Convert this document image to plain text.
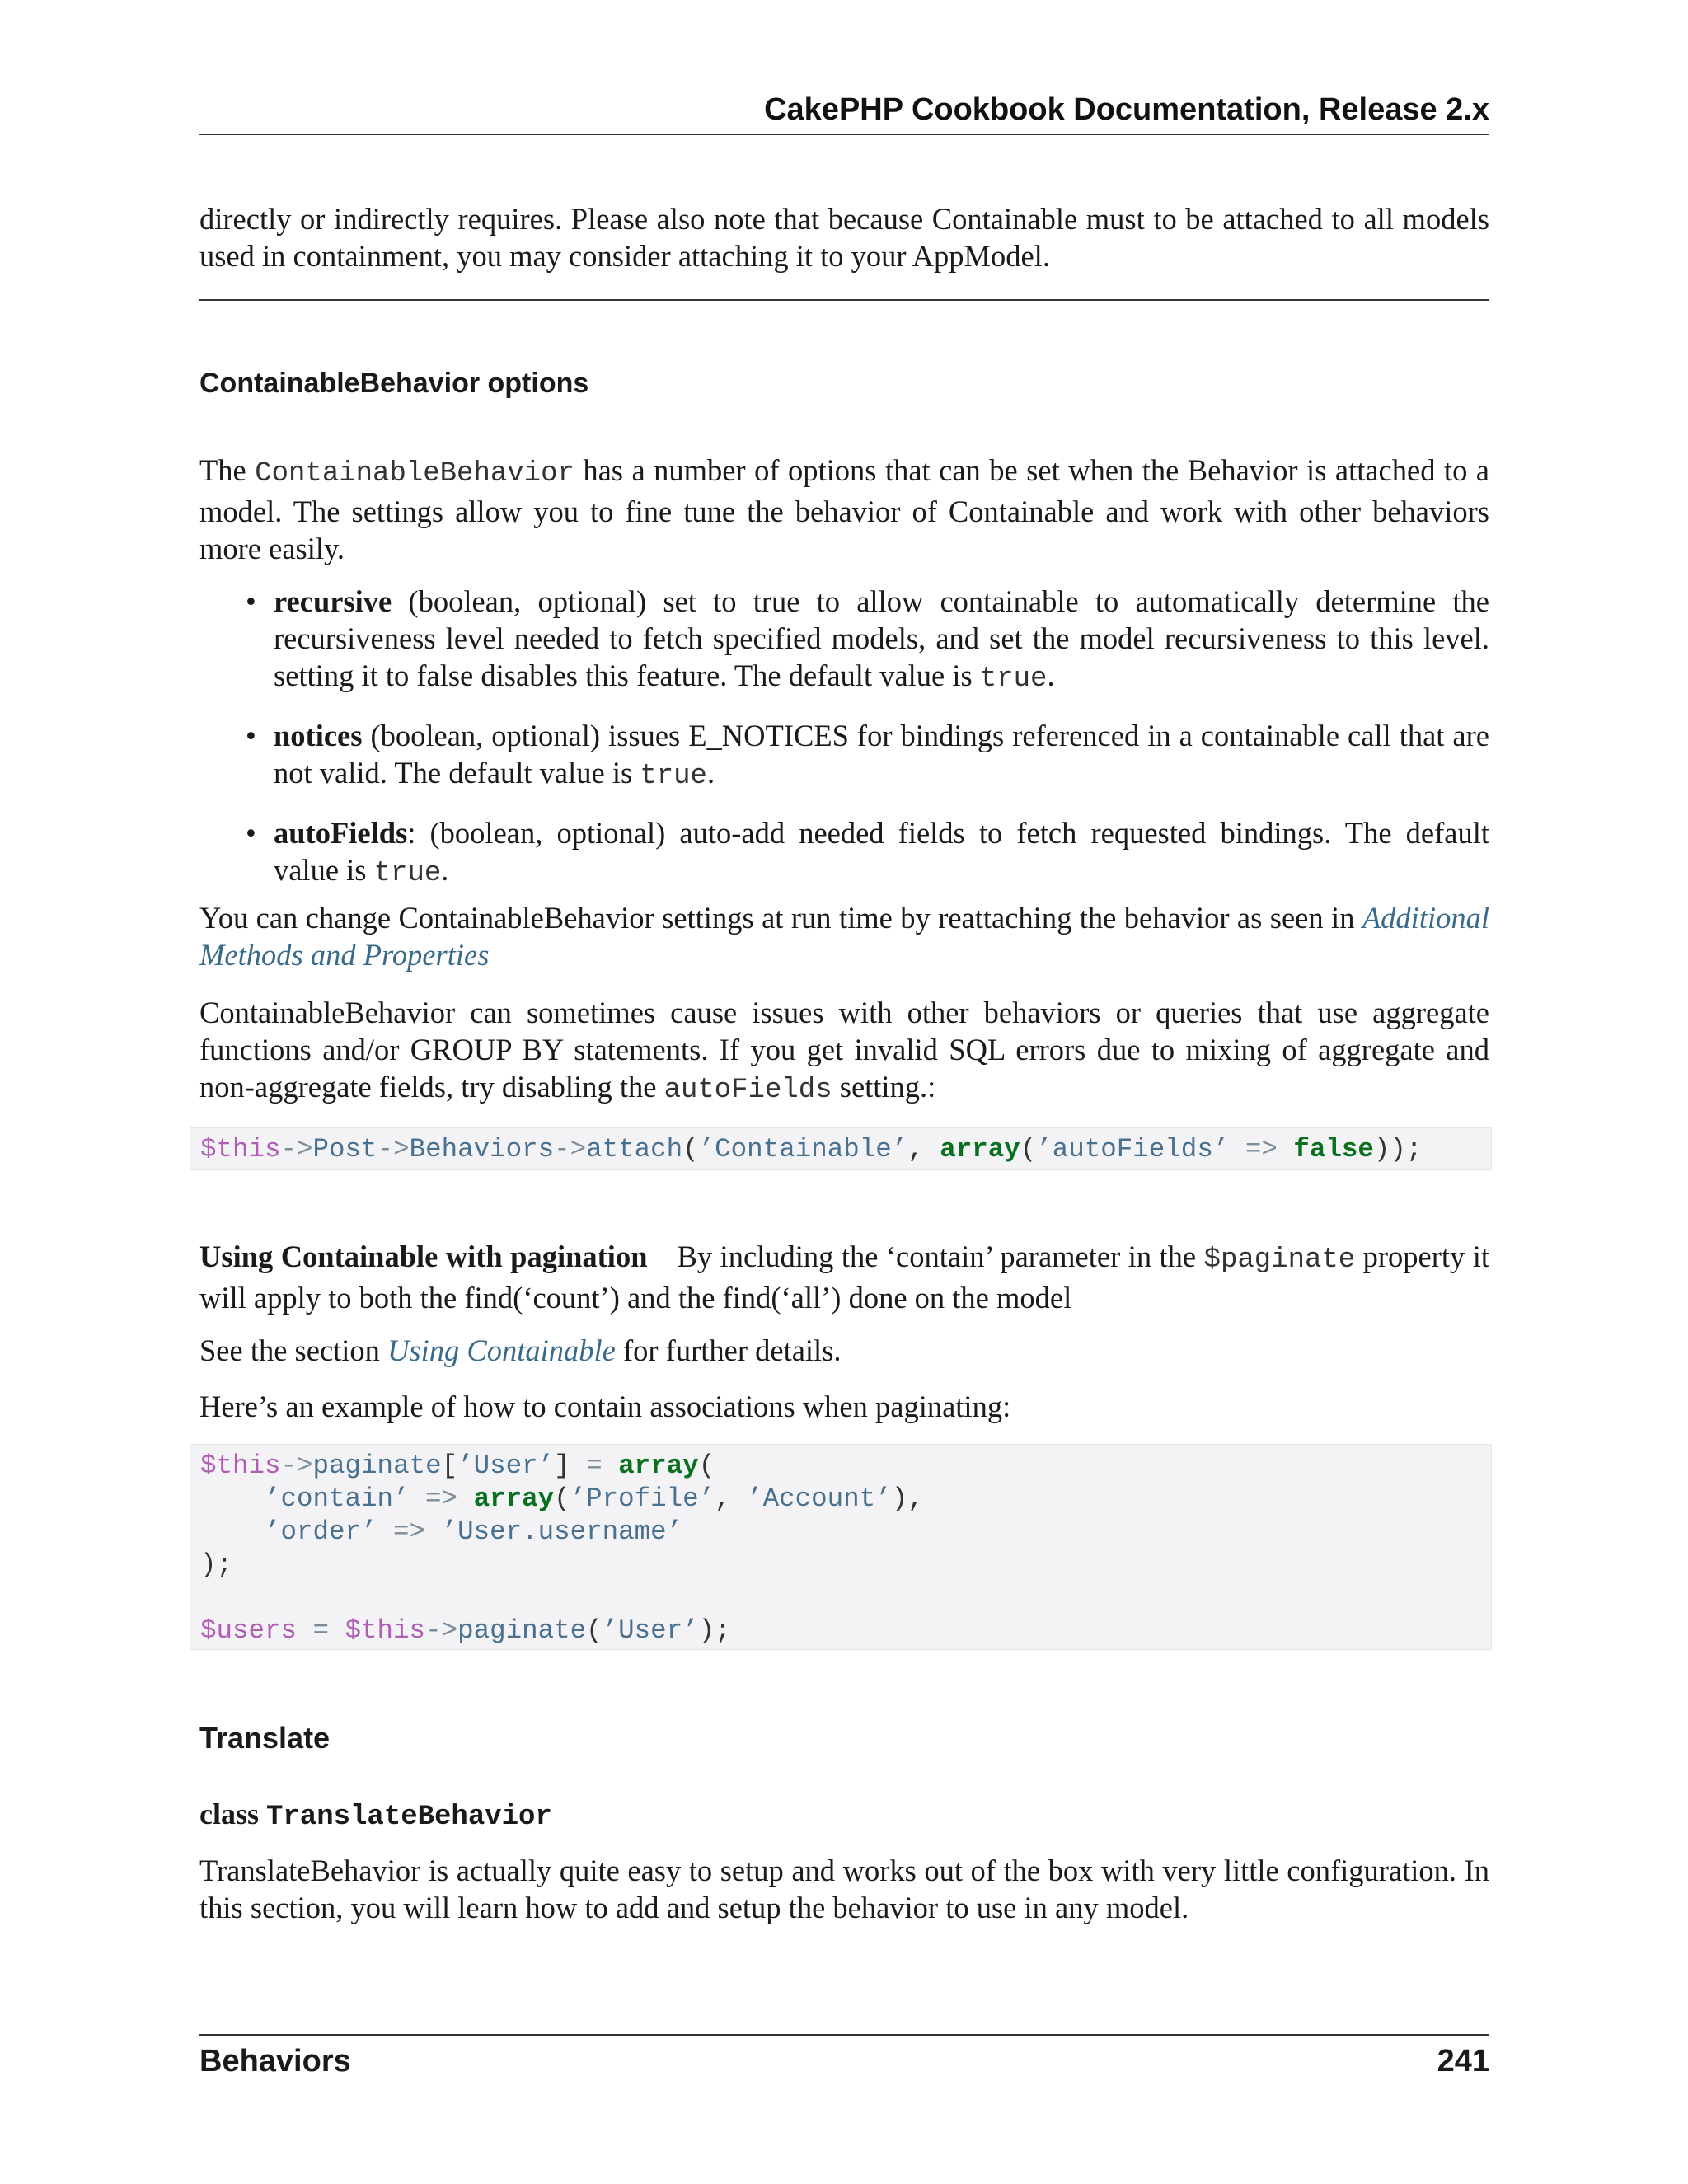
CakePHP Cookbook Documentation, Release 2.x

directly or indirectly requires. Please also note that because Containable must to be attached to all models used in containment, you may consider attaching it to your AppModel.

ContainableBehavior options

The ContainableBehavior has a number of options that can be set when the Behavior is attached to a model. The settings allow you to fine tune the behavior of Containable and work with other behaviors more easily.

• recursive (boolean, optional) set to true to allow containable to automatically determine the recursiveness level needed to fetch specified models, and set the model recursiveness to this level. setting it to false disables this feature. The default value is true.
• notices (boolean, optional) issues E_NOTICES for bindings referenced in a containable call that are not valid. The default value is true.
• autoFields: (boolean, optional) auto-add needed fields to fetch requested bindings. The default value is true.

You can change ContainableBehavior settings at run time by reattaching the behavior as seen in Additional Methods and Properties

ContainableBehavior can sometimes cause issues with other behaviors or queries that use aggregate functions and/or GROUP BY statements. If you get invalid SQL errors due to mixing of aggregate and non-aggregate fields, try disabling the autoFields setting.:

$this->Post->Behaviors->attach(’Containable’, array(’autoFields’ => false));

Using Containable with pagination By including the ‘contain’ parameter in the $paginate property it will apply to both the find(‘count’) and the find(‘all’) done on the model

See the section Using Containable for further details.

Here’s an example of how to contain associations when paginating:

$this->paginate[’User’] = array(
’contain’ => array(’Profile’, ’Account’),
’order’ => ’User.username’
);

$users = $this->paginate(’User’);
Translate
class TranslateBehavior

TranslateBehavior is actually quite easy to setup and works out of the box with very little configuration. In this section, you will learn how to add and setup the behavior to use in any model.

Behaviors	241
